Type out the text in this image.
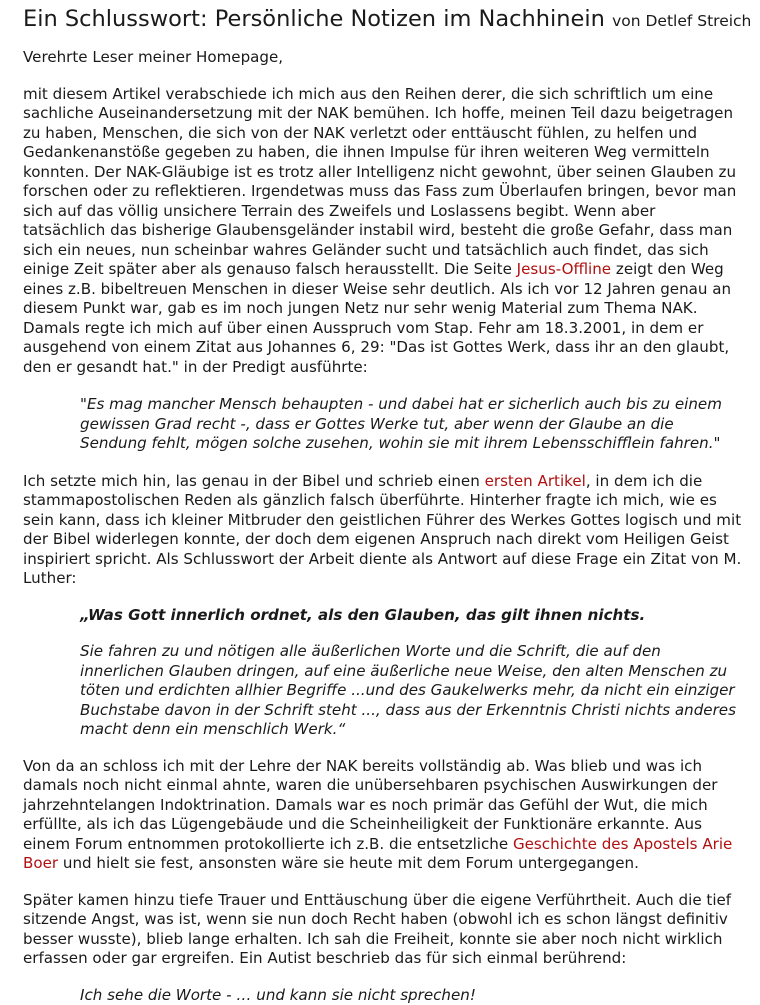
Ein Schlusswort: Persönliche Notizen im Nachhinein von Detlef Streich

Verehrte Leser meiner Homepage,

mit diesem Artikel verabschiede ich mich aus den Reihen derer, die sich schriftlich um eine sachliche Auseinandersetzung mit der NAK bemühen. Ich hoffe, meinen Teil dazu beigetragen zu haben, Menschen, die sich von der NAK verletzt oder enttäuscht fühlen, zu helfen und Gedankenanstöße gegeben zu haben, die ihnen Impulse für ihren weiteren Weg vermitteln konnten. Der NAK-Gläubige ist es trotz aller Intelligenz nicht gewohnt, über seinen Glauben zu forschen oder zu reflektieren. Irgendetwas muss das Fass zum Überlaufen bringen, bevor man sich auf das völlig unsichere Terrain des Zweifels und Loslassens begibt. Wenn aber tatsächlich das bisherige Glaubensgeländer instabil wird, besteht die große Gefahr, dass man sich ein neues, nun scheinbar wahres Geländer sucht und tatsächlich auch findet, das sich einige Zeit später aber als genauso falsch herausstellt. Die Seite Jesus-Offline zeigt den Weg eines z.B. bibeltreuen Menschen in dieser Weise sehr deutlich. Als ich vor 12 Jahren genau an diesem Punkt war, gab es im noch jungen Netz nur sehr wenig Material zum Thema NAK. Damals regte ich mich auf über einen Ausspruch vom Stap. Fehr am 18.3.2001, in dem er ausgehend von einem Zitat aus Johannes 6, 29: "Das ist Gottes Werk, dass ihr an den glaubt, den er gesandt hat." in der Predigt ausführte:

"Es mag mancher Mensch behaupten - und dabei hat er sicherlich auch bis zu einem gewissen Grad recht -, dass er Gottes Werke tut, aber wenn der Glaube an die Sendung fehlt, mögen solche zusehen, wohin sie mit ihrem Lebensschifflein fahren."

Ich setzte mich hin, las genau in der Bibel und schrieb einen ersten Artikel, in dem ich die stammapostolischen Reden als gänzlich falsch überführte. Hinterher fragte ich mich, wie es sein kann, dass ich kleiner Mitbruder den geistlichen Führer des Werkes Gottes logisch und mit der Bibel widerlegen konnte, der doch dem eigenen Anspruch nach direkt vom Heiligen Geist inspiriert spricht. Als Schlusswort der Arbeit diente als Antwort auf diese Frage ein Zitat von M. Luther:

„Was Gott innerlich ordnet, als den Glauben, das gilt ihnen nichts.

Sie fahren zu und nötigen alle äußerlichen Worte und die Schrift, die auf den innerlichen Glauben dringen, auf eine äußerliche neue Weise, den alten Menschen zu töten und erdichten allhier Begriffe ...und des Gaukelwerks mehr, da nicht ein einziger Buchstabe davon in der Schrift steht ..., dass aus der Erkenntnis Christi nichts anderes macht denn ein menschlich Werk.“

Von da an schloss ich mit der Lehre der NAK bereits vollständig ab. Was blieb und was ich damals noch nicht einmal ahnte, waren die unübersehbaren psychischen Auswirkungen der jahrzehntelangen Indoktrination. Damals war es noch primär das Gefühl der Wut, die mich erfüllte, als ich das Lügengebäude und die Scheinheiligkeit der Funktionäre erkannte. Aus einem Forum entnommen protokollierte ich z.B. die entsetzliche Geschichte des Apostels Arie Boer und hielt sie fest, ansonsten wäre sie heute mit dem Forum untergegangen.

Später kamen hinzu tiefe Trauer und Enttäuschung über die eigene Verführtheit. Auch die tief sitzende Angst, was ist, wenn sie nun doch Recht haben (obwohl ich es schon längst definitiv besser wusste), blieb lange erhalten. Ich sah die Freiheit, konnte sie aber noch nicht wirklich erfassen oder gar ergreifen. Ein Autist beschrieb das für sich einmal berührend:

Ich sehe die Worte - … und kann sie nicht sprechen!
